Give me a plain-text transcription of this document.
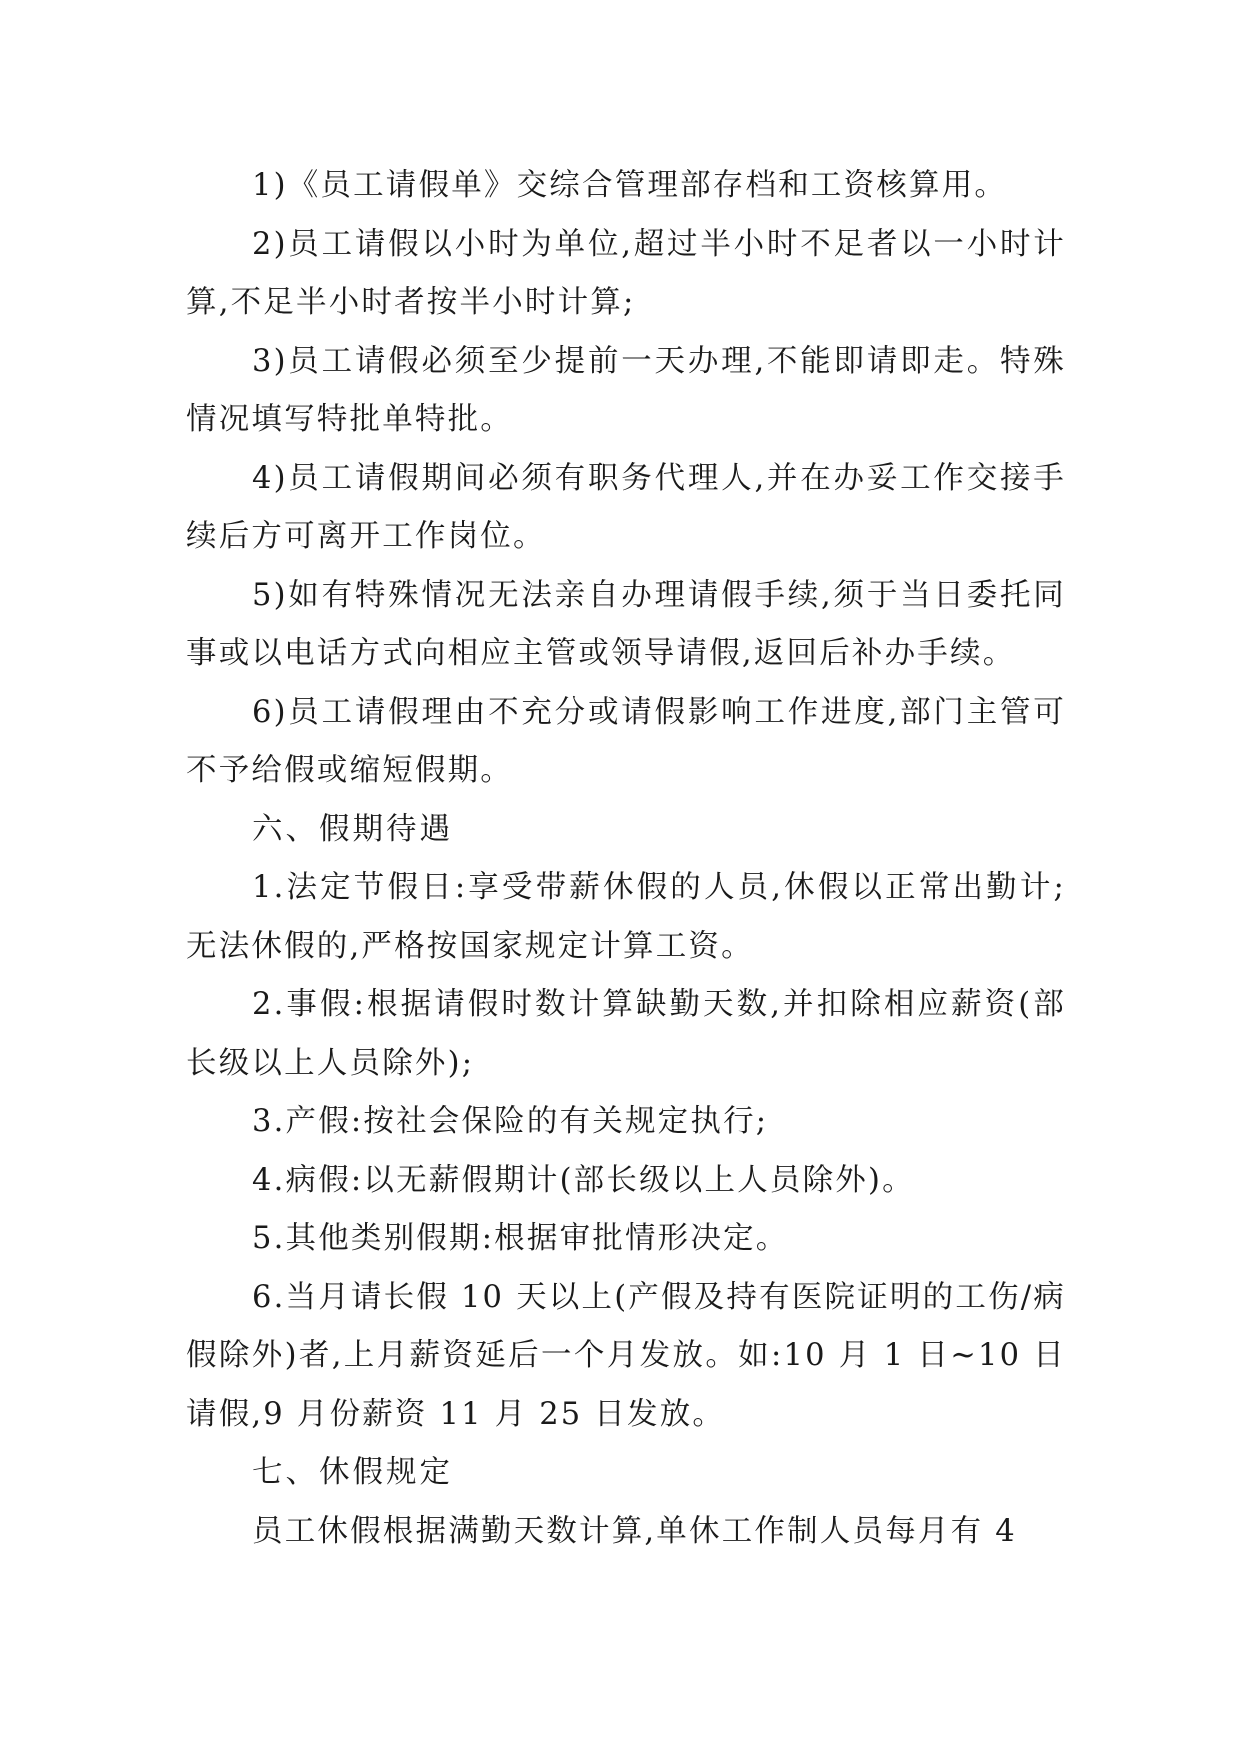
1)《员工请假单》交综合管理部存档和工资核算用。

2)员工请假以小时为单位,超过半小时不足者以一小时计算,不足半小时者按半小时计算;

3)员工请假必须至少提前一天办理,不能即请即走。特殊情况填写特批单特批。

4)员工请假期间必须有职务代理人,并在办妥工作交接手续后方可离开工作岗位。

5)如有特殊情况无法亲自办理请假手续,须于当日委托同事或以电话方式向相应主管或领导请假,返回后补办手续。

6)员工请假理由不充分或请假影响工作进度,部门主管可不予给假或缩短假期。

六、假期待遇

1.法定节假日:享受带薪休假的人员,休假以正常出勤计;无法休假的,严格按国家规定计算工资。

2.事假:根据请假时数计算缺勤天数,并扣除相应薪资(部长级以上人员除外);

3.产假:按社会保险的有关规定执行;

4.病假:以无薪假期计(部长级以上人员除外)。

5.其他类别假期:根据审批情形决定。

6.当月请长假 10 天以上(产假及持有医院证明的工伤/病假除外)者,上月薪资延后一个月发放。如:10 月 1 日~10 日请假,9 月份薪资 11 月 25 日发放。

七、休假规定

员工休假根据满勤天数计算,单休工作制人员每月有 4
